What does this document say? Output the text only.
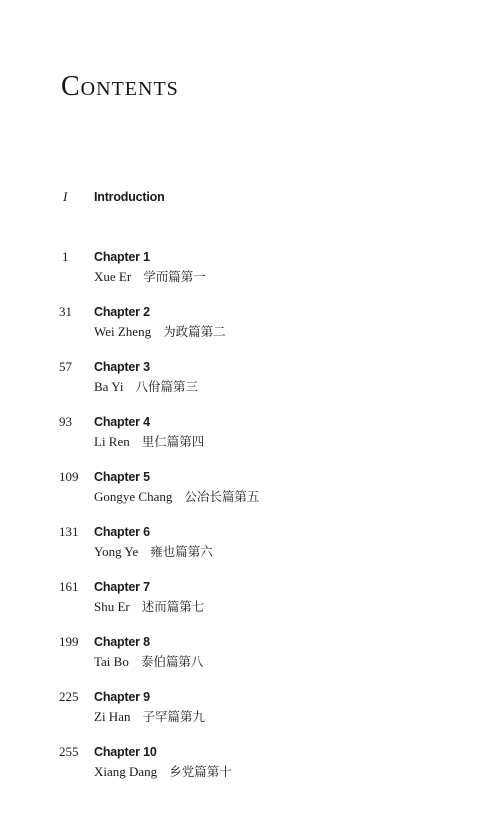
Contents
I Introduction
1 Chapter 1
Xue Er 学而篇第一
31 Chapter 2
Wei Zheng 为政篇第二
57 Chapter 3
Ba Yi 八佾篇第三
93 Chapter 4
Li Ren 里仁篇第四
109 Chapter 5
Gongye Chang 公冶长篇第五
131 Chapter 6
Yong Ye 雍也篇第六
161 Chapter 7
Shu Er 述而篇第七
199 Chapter 8
Tai Bo 泰伯篇第八
225 Chapter 9
Zi Han 子罕篇第九
255 Chapter 10
Xiang Dang 乡党篇第十
